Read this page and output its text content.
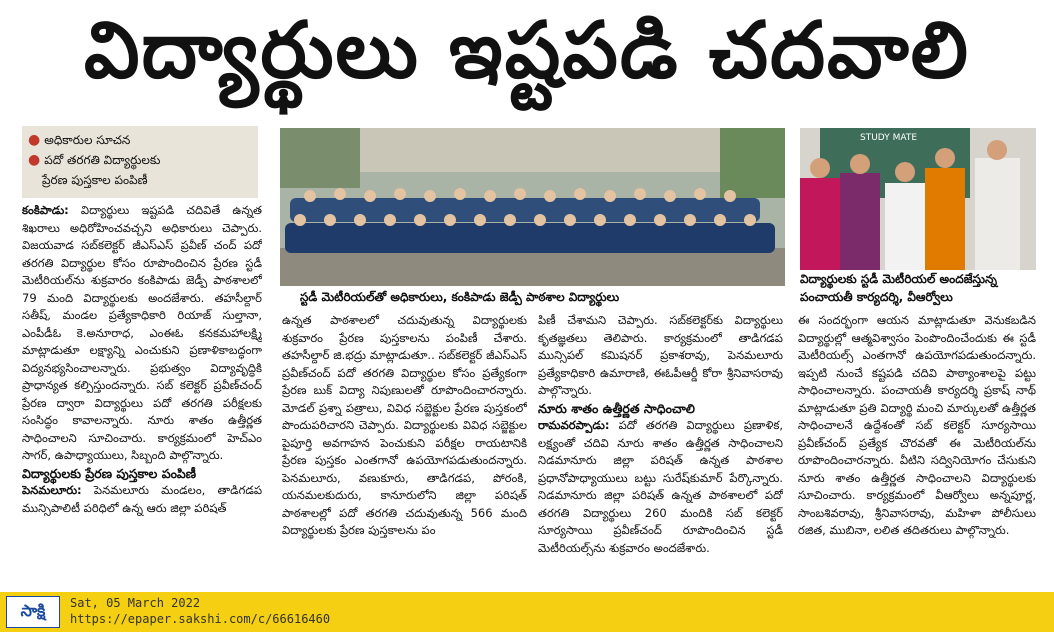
విద్యార్థులు ఇష్టపడి చదవాలి
● అధికారుల సూచన
● పదో తరగతి విద్యార్థులకు
ప్రేరణ పుస్తకాల పంపిణీ

కంకిపాడు: విద్యార్థులు ఇష్టపడి చదివితే ఉన్నత శిఖరాలు అధిరోహించవచ్చని అధికారులు చెప్పారు. విజయవాడ సబ్‌కలెక్టర్ జీఎస్‌ఎస్ ప్రవీణ్ చంద్ పదో తరగతి విద్యార్థుల కోసం రూపొందించిన ప్రేరణ స్టడీ మెటీరియల్‌ను శుక్రవారం కంకిపాడు జెడ్పీ పాఠశాలలో 79 మంది విద్యార్థులకు అందజేశారు. తహసీల్దార్ సతీష్, మండల ప్రత్యేకాధికారి రియాజ్ సుల్తానా, ఎంపీడీఓ కె.అనూరాధ, ఎంఈఓ కనకమహాలక్ష్మి మాట్లాడుతూ లక్ష్యాన్ని ఎంచుకుని ప్రణాళికాబద్ధంగా విద్యనభ్యసించాలన్నారు. ప్రభుత్వం విద్యావృద్ధికి ప్రాధాన్యత కల్పిస్తుందన్నారు. సబ్ కలెక్టర్ ప్రవీణ్‌చంద్ ప్రేరణ ద్వారా విద్యార్థులు పదో తరగతి పరీక్షలకు సంసిద్ధం కావాలన్నారు. నూరు శాతం ఉత్తీర్ణత సాధించాలని సూచించారు. కార్యక్రమంలో హెచ్‌ఎం సాగర్, ఉపాధ్యాయులు, సిబ్బంది పాల్గొన్నారు.

విద్యార్థులకు ప్రేరణ పుస్తకాల పంపిణీ

పెనమలూరు: పెనమలూరు మండలం, తాడిగడప మున్సిపాలిటీ పరిధిలో ఉన్న ఆరు జిల్లా పరిషత్

స్టడీ మెటీరియల్‌తో అధికారులు, కంకిపాడు జెడ్పీ పాఠశాల విద్యార్థులు
STUDY MATE
విద్యార్థులకు స్టడీ మెటీరియల్ అందజేస్తున్న పంచాయతీ కార్యదర్శి, వీఆర్వోలు

ఉన్నత పాఠశాలలో చదువుతున్న విద్యార్థులకు శుక్రవారం ప్రేరణ పుస్తకాలను పంపిణీ చేశారు. తహసీల్దార్ జి.భద్రు మాట్లాడుతూ.. సబ్‌కలెక్టర్ జీఎస్‌ఎస్ ప్రవీణ్‌చంద్ పదో తరగతి విద్యార్థుల కోసం ప్రత్యేకంగా ప్రేరణ బుక్ విద్యా నిపుణులతో రూపొందించారన్నారు. మోడల్ ప్రశ్నా పత్రాలు, వివిధ సబ్జెక్టుల ప్రేరణ పుస్తకంలో పొందుపరిచారని చెప్పారు. విద్యార్థులకు వివిధ సబ్జెక్టుల పైపూర్తి అవగాహన పెంచుకుని పరీక్షల రాయటానికి ప్రేరణ పుస్తకం ఎంతగానో ఉపయోగపడుతుందన్నారు. పెనమలూరు, వణుకూరు, తాడిగడప, పోరంకి, యనమలకుదురు, కానూరులోని జిల్లా పరిషత్ పాఠశాలల్లో పదో తరగతి చదువుతున్న 566 మంది విద్యార్థులకు ప్రేరణ పుస్తకాలను పం

పిణీ చేశామని చెప్పారు. సబ్‌కలెక్టర్‌కు విద్యార్థులు కృతజ్ఞతలు తెలిపారు. కార్యక్రమంలో తాడిగడప మున్సిపల్ కమిషనర్ ప్రకాశరావు, పెనమలూరు ప్రత్యేకాధికారి ఉమారాణి, ఈఓపీఆర్డీ కోరా శ్రీనివాసరావు పాల్గొన్నారు.

నూరు శాతం ఉత్తీర్ణత సాధించాలి

రామవరప్పాడు: పదో తరగతి విద్యార్థులు ప్రణాళిక, లక్ష్యంతో చదివి నూరు శాతం ఉత్తీర్ణత సాధించాలని నిడమానూరు జిల్లా పరిషత్ ఉన్నత పాఠశాల ప్రధానోపాధ్యాయులు బట్టు సురేష్‌కుమార్ పేర్కొన్నారు. నిడమానూరు జిల్లా పరిషత్ ఉన్నత పాఠశాలలో పదో తరగతి విద్యార్థులు 260 మందికి సబ్ కలెక్టర్ సూర్యసాయి ప్రవీణ్‌చంద్ రూపొందించిన స్టడీ మెటీరియల్స్‌ను శుక్రవారం అందజేశారు.

ఈ సందర్భంగా ఆయన మాట్లాడుతూ వెనుకబడిన విద్యార్థుల్లో ఆత్మవిశ్వాసం పెంపొందించేందుకు ఈ స్టడీ మెటీరియల్స్ ఎంతగానో ఉపయోగపడుతుందన్నారు. ఇప్పటి నుంచే కష్టపడి చదివి పాఠ్యాంశాలపై పట్టు సాధించాలన్నారు. పంచాయతీ కార్యదర్శి ప్రకాష్ నాథ్ మాట్లాడుతూ ప్రతి విద్యార్థి మంచి మార్కులతో ఉత్తీర్ణత సాధించాలనే ఉద్దేశంతో సబ్ కలెక్టర్ సూర్యసాయి ప్రవీణ్‌చంద్ ప్రత్యేక చొరవతో ఈ మెటీరియల్‌ను రూపొందించారన్నారు. వీటిని సద్వినియోగం చేసుకుని నూరు శాతం ఉత్తీర్ణత సాధించాలని విద్యార్థులకు సూచించారు. కార్యక్రమంలో వీఆర్వోలు అన్నపూర్ణ, సాంబశివరావు, శ్రీనివాసరావు, మహిళా పోలీసులు రజిత, ముబినా, లలిత తదితరులు పాల్గొన్నారు.

సాక్షి	Sat, 05 March 2022
https://epaper.sakshi.com/c/66616460
